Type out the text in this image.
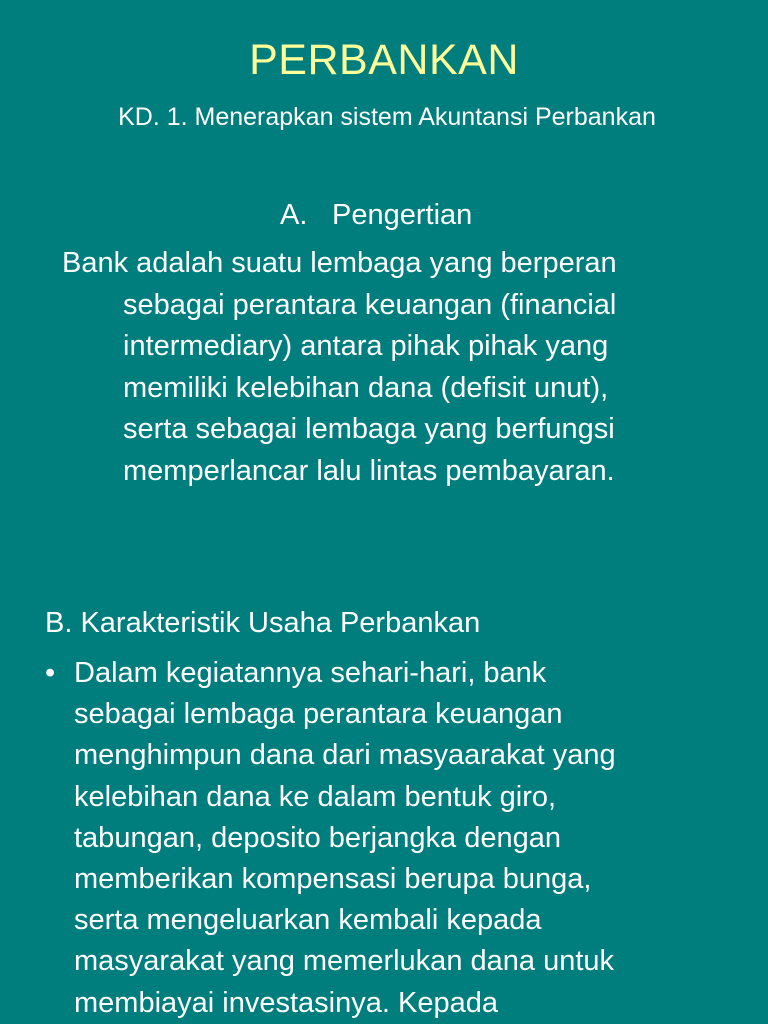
PERBANKAN
KD. 1. Menerapkan sistem Akuntansi Perbankan
A. Pengertian
Bank adalah suatu lembaga yang berperan
sebagai perantara keuangan (financial
intermediary) antara pihak pihak yang
memiliki kelebihan dana (defisit unut),
serta sebagai lembaga yang berfungsi
memperlancar lalu lintas pembayaran.
B. Karakteristik Usaha Perbankan
• Dalam kegiatannya sehari-hari, bank
sebagai lembaga perantara keuangan
menghimpun dana dari masyaarakat yang
kelebihan dana ke dalam bentuk giro,
tabungan, deposito berjangka dengan
memberikan kompensasi berupa bunga,
serta mengeluarkan kembali kepada
masyarakat yang memerlukan dana untuk
membiayai investasinya. Kepada
